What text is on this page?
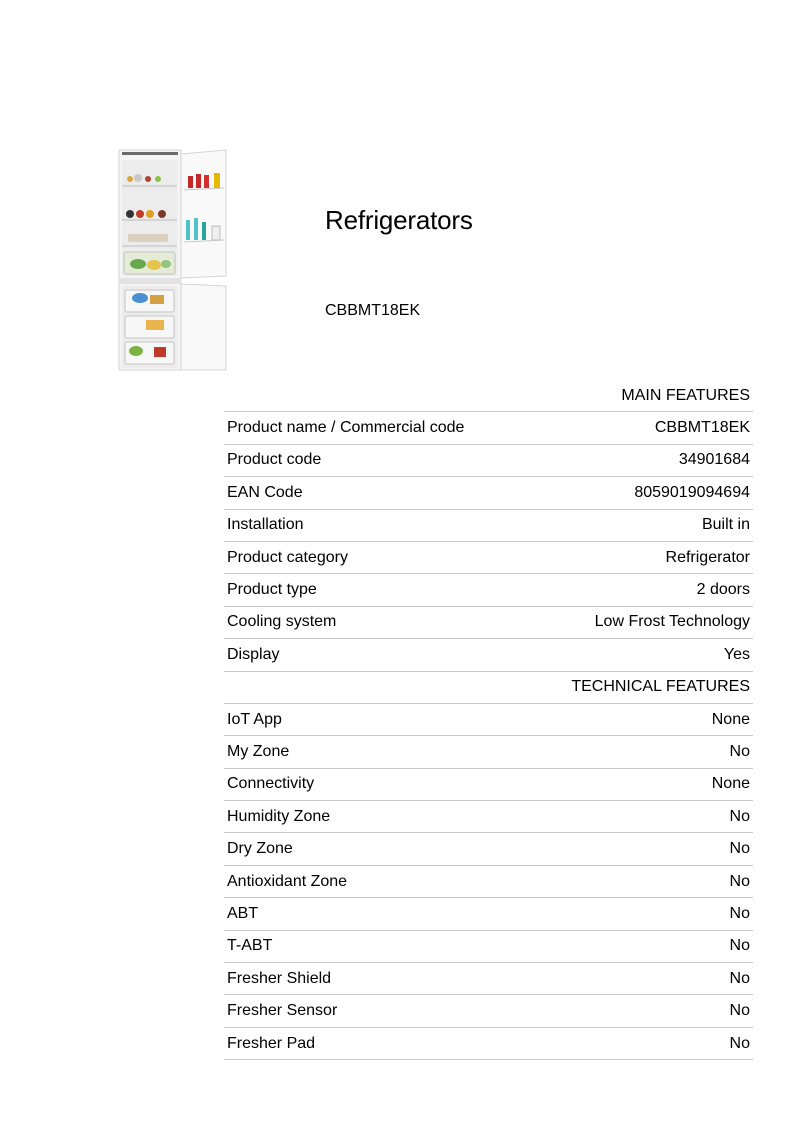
Refrigerators
CBBMT18EK
MAIN FEATURES	
Product name / Commercial code	CBBMT18EK
Product code	34901684
EAN Code	8059019094694
Installation	Built in
Product category	Refrigerator
Product type	2 doors
Cooling system	Low Frost Technology
Display	Yes
TECHNICAL FEATURES	
IoT App	None
My Zone	No
Connectivity	None
Humidity Zone	No
Dry Zone	No
Antioxidant Zone	No
ABT	No
T-ABT	No
Fresher Shield	No
Fresher Sensor	No
Fresher Pad	No
